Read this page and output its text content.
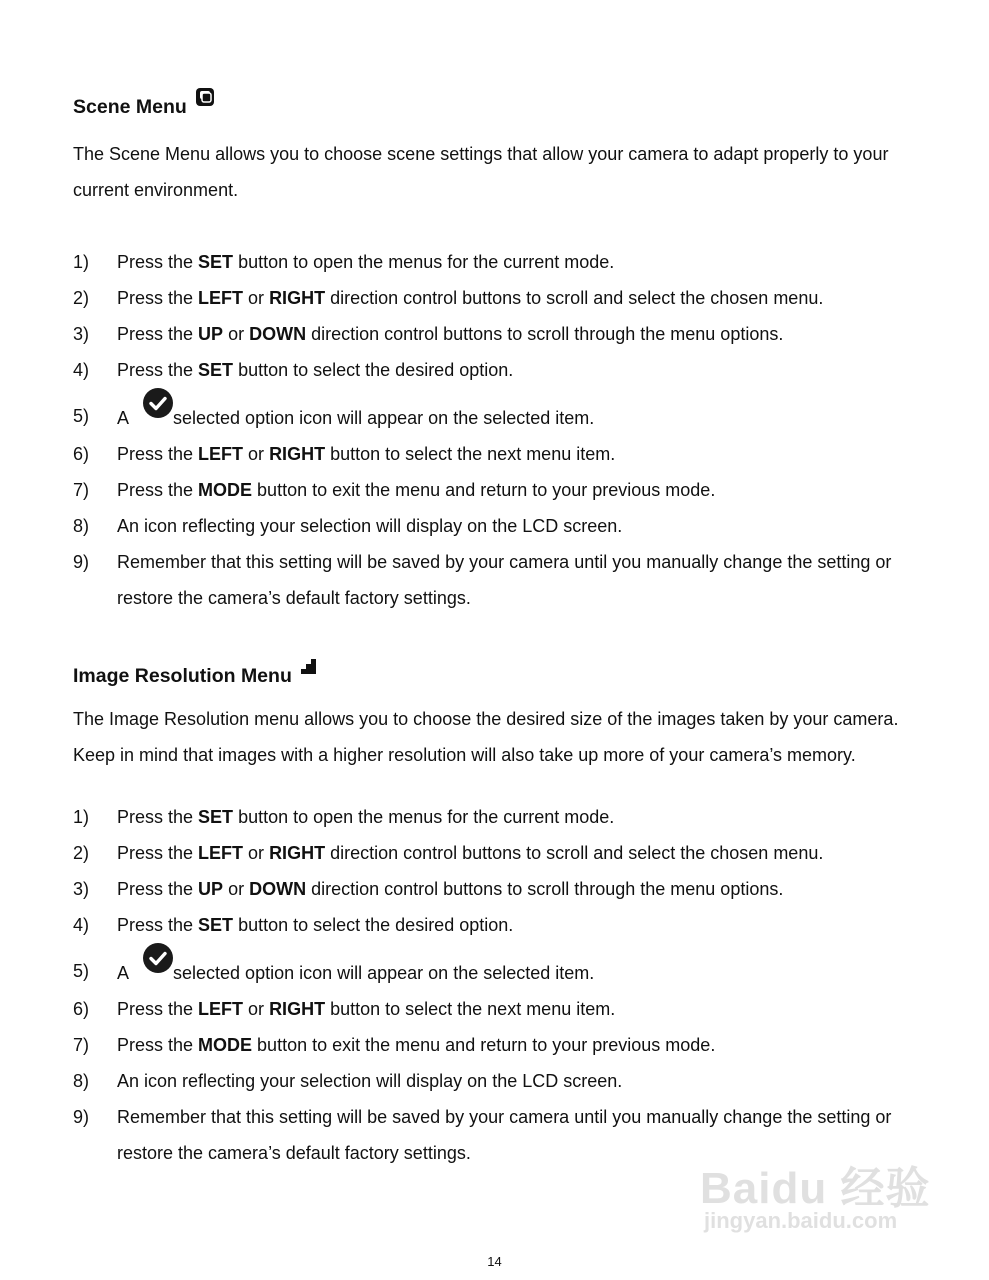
Scene Menu
The Scene Menu allows you to choose scene settings that allow your camera to adapt properly to your current environment.
1)	Press the SET button to open the menus for the current mode.
2)	Press the LEFT or RIGHT direction control buttons to scroll and select the chosen menu.
3)	Press the UP or DOWN direction control buttons to scroll through the menu options.
4)	Press the SET button to select the desired option.
5)	A selected option icon will appear on the selected item.
6)	Press the LEFT or RIGHT button to select the next menu item.
7)	Press the MODE button to exit the menu and return to your previous mode.
8)	An icon reflecting your selection will display on the LCD screen.
9)	Remember that this setting will be saved by your camera until you manually change the setting or restore the camera’s default factory settings.
Image Resolution Menu
The Image Resolution menu allows you to choose the desired size of the images taken by your camera. Keep in mind that images with a higher resolution will also take up more of your camera’s memory.
1)	Press the SET button to open the menus for the current mode.
2)	Press the LEFT or RIGHT direction control buttons to scroll and select the chosen menu.
3)	Press the UP or DOWN direction control buttons to scroll through the menu options.
4)	Press the SET button to select the desired option.
5)	A selected option icon will appear on the selected item.
6)	Press the LEFT or RIGHT button to select the next menu item.
7)	Press the MODE button to exit the menu and return to your previous mode.
8)	An icon reflecting your selection will display on the LCD screen.
9)	Remember that this setting will be saved by your camera until you manually change the setting or restore the camera’s default factory settings.
14
Baidu 经验
jingyan.baidu.com
